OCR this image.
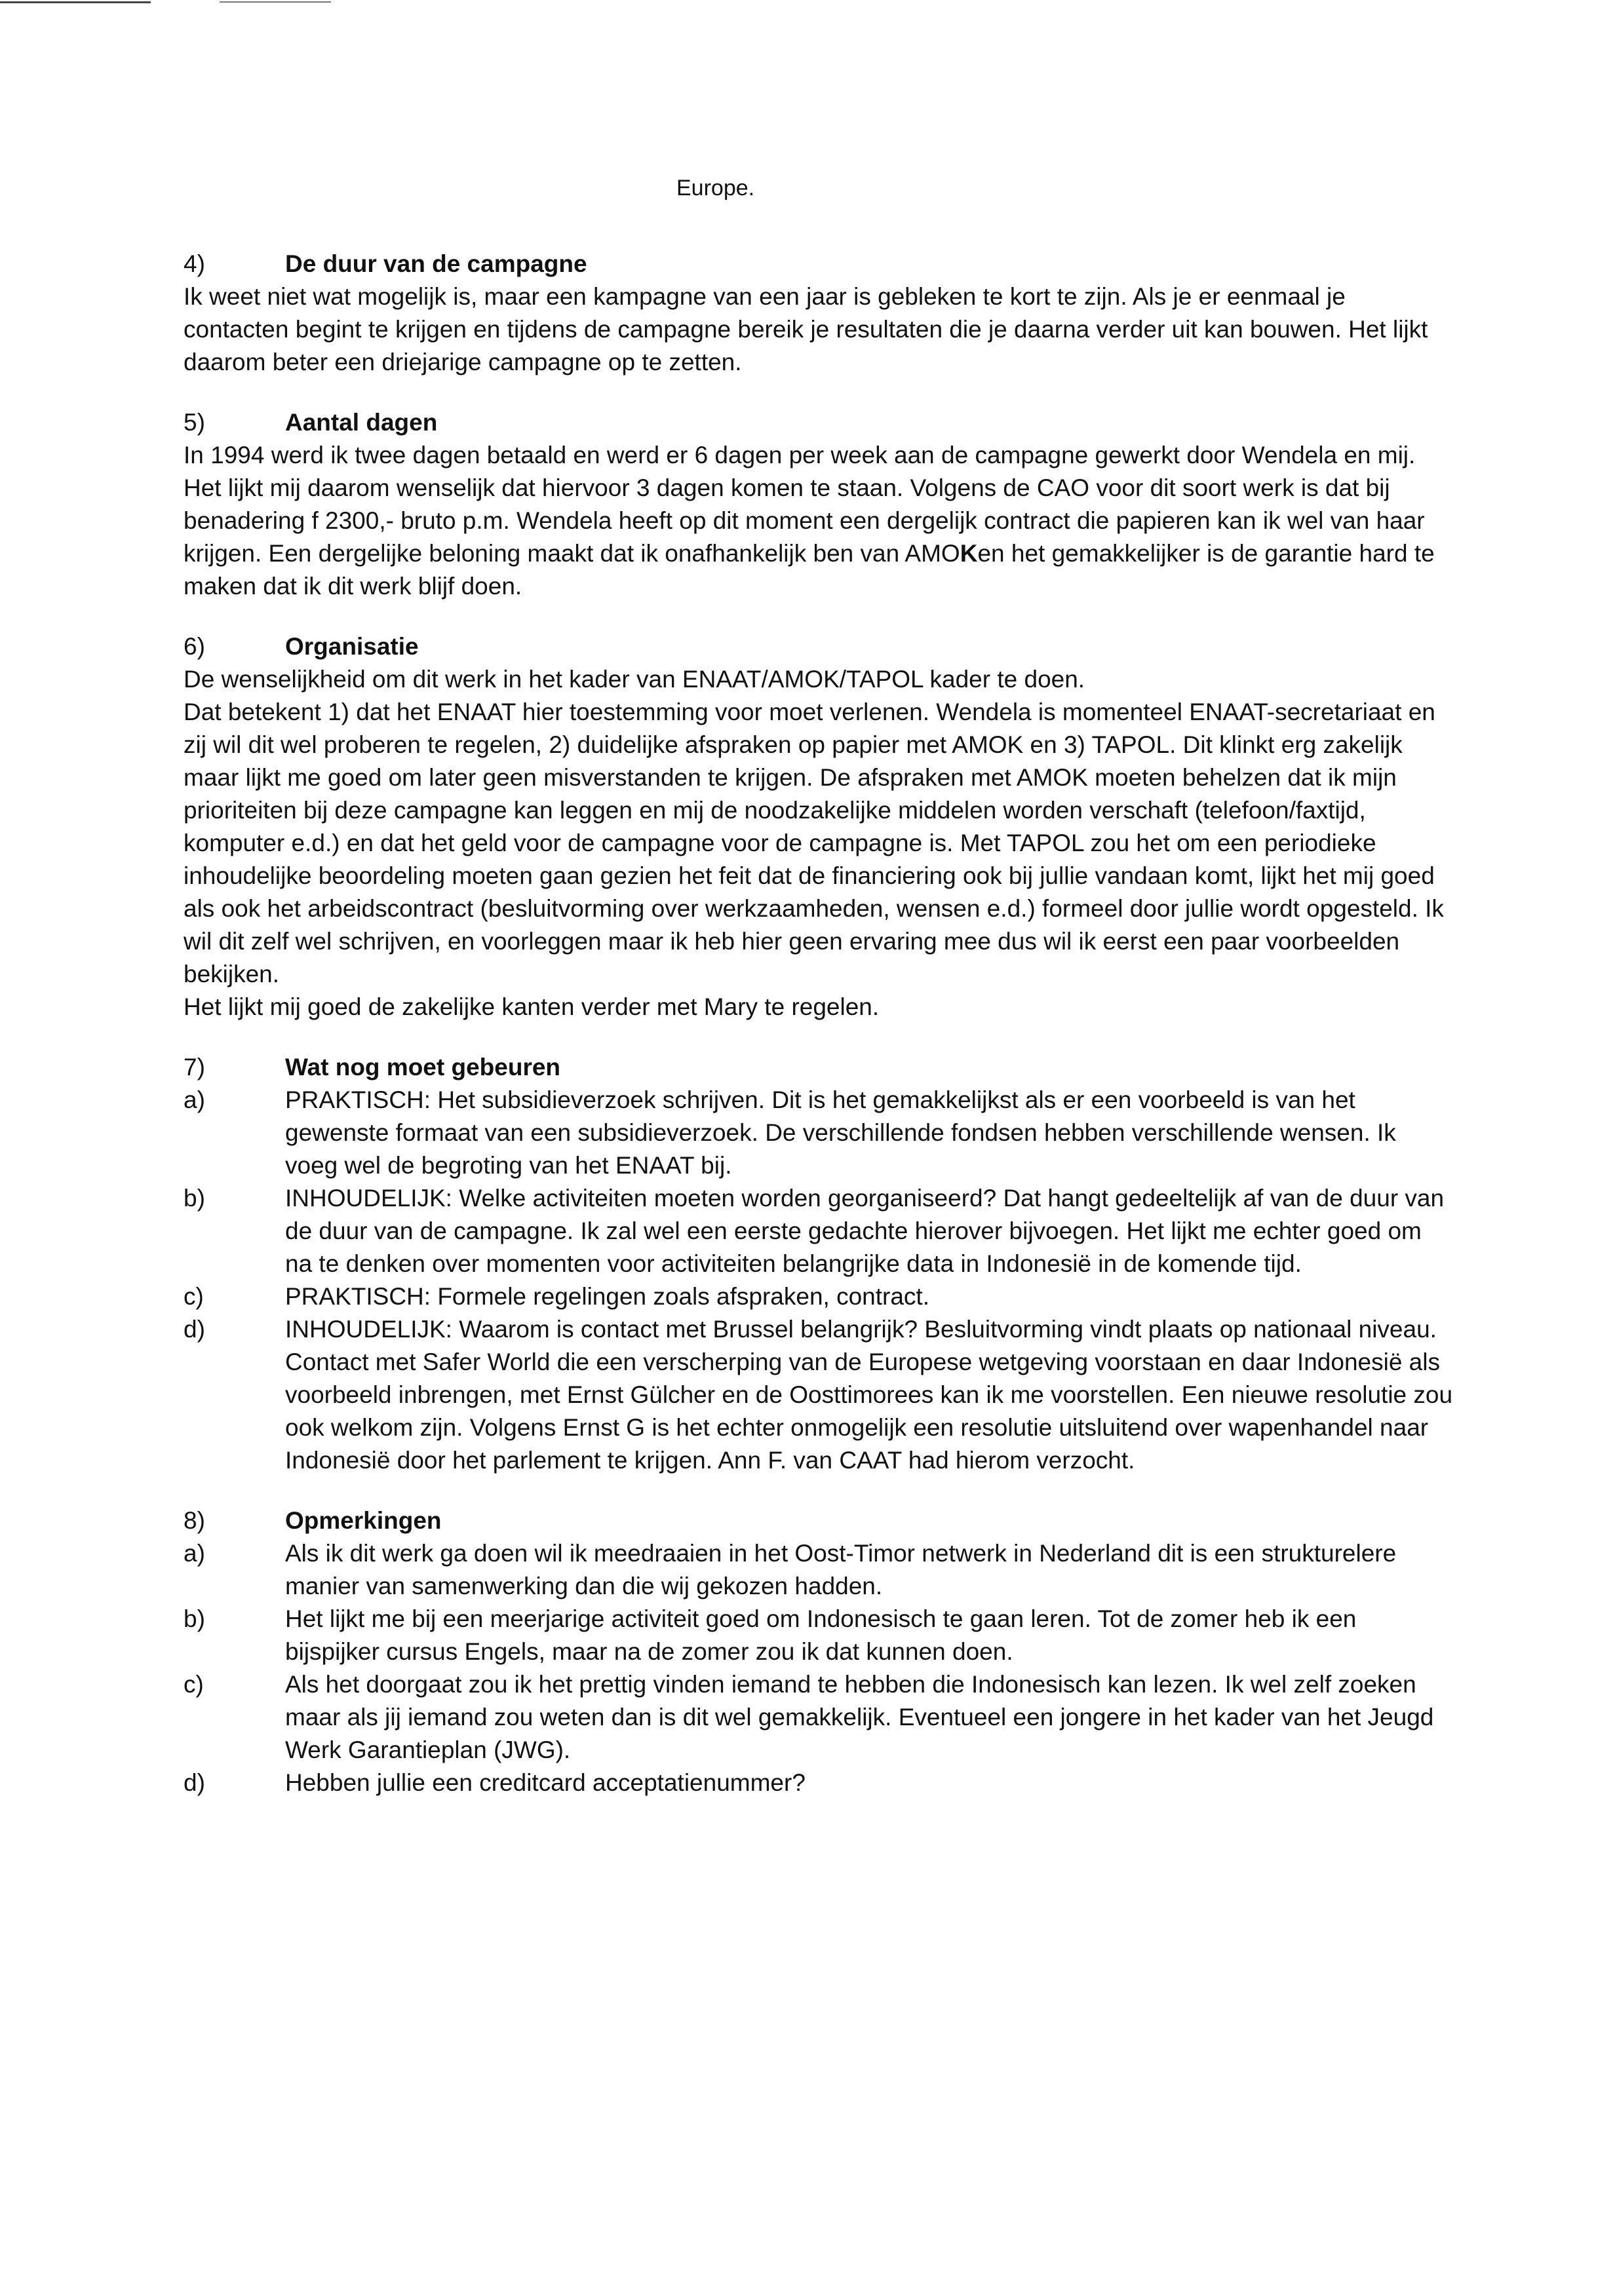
Europe.
4)	De duur van de campagne
Ik weet niet wat mogelijk is, maar een kampagne van een jaar is gebleken te kort te zijn. Als je er eenmaal je contacten begint te krijgen en tijdens de campagne bereik je resultaten die je daarna verder uit kan bouwen. Het lijkt daarom beter een driejarige campagne op te zetten.
5)	Aantal dagen
In 1994 werd ik twee dagen betaald en werd er 6 dagen per week aan de campagne gewerkt door Wendela en mij. Het lijkt mij daarom wenselijk dat hiervoor 3 dagen komen te staan. Volgens de CAO voor dit soort werk is dat bij benadering f 2300,- bruto p.m. Wendela heeft op dit moment een dergelijk contract die papieren kan ik wel van haar krijgen. Een dergelijke beloning maakt dat ik onafhankelijk ben van AMOKen het gemakkelijker is de garantie hard te maken dat ik dit werk blijf doen.
6)	Organisatie
De wenselijkheid om dit werk in het kader van ENAAT/AMOK/TAPOL kader te doen.
Dat betekent 1) dat het ENAAT hier toestemming voor moet verlenen. Wendela is momenteel ENAAT-secretariaat en zij wil dit wel proberen te regelen, 2) duidelijke afspraken op papier met AMOK en 3) TAPOL. Dit klinkt erg zakelijk maar lijkt me goed om later geen misverstanden te krijgen. De afspraken met AMOK moeten behelzen dat ik mijn prioriteiten bij deze campagne kan leggen en mij de noodzakelijke middelen worden verschaft (telefoon/faxtijd, komputer e.d.) en dat het geld voor de campagne voor de campagne is. Met TAPOL zou het om een periodieke inhoudelijke beoordeling moeten gaan gezien het feit dat de financiering ook bij jullie vandaan komt, lijkt het mij goed als ook het arbeidscontract (besluitvorming over werkzaamheden, wensen e.d.) formeel door jullie wordt opgesteld. Ik wil dit zelf wel schrijven, en voorleggen maar ik heb hier geen ervaring mee dus wil ik eerst een paar voorbeelden bekijken.
Het lijkt mij goed de zakelijke kanten verder met Mary te regelen.
7)	Wat nog moet gebeuren
a)	PRAKTISCH: Het subsidieverzoek schrijven. Dit is het gemakkelijkst als er een voorbeeld is van het gewenste formaat van een subsidieverzoek. De verschillende fondsen hebben verschillende wensen. Ik voeg wel de begroting van het ENAAT bij.
b)	INHOUDELIJK: Welke activiteiten moeten worden georganiseerd? Dat hangt gedeeltelijk af van de duur van de duur van de campagne. Ik zal wel een eerste gedachte hierover bijvoegen. Het lijkt me echter goed om na te denken over momenten voor activiteiten belangrijke data in Indonesië in de komende tijd.
c)	PRAKTISCH: Formele regelingen zoals afspraken, contract.
d)	INHOUDELIJK: Waarom is contact met Brussel belangrijk? Besluitvorming vindt plaats op nationaal niveau. Contact met Safer World die een verscherping van de Europese wetgeving voorstaan en daar Indonesië als voorbeeld inbrengen, met Ernst Gülcher en de Oosttimorees kan ik me voorstellen. Een nieuwe resolutie zou ook welkom zijn. Volgens Ernst G is het echter onmogelijk een resolutie uitsluitend over wapenhandel naar Indonesië door het parlement te krijgen. Ann F. van CAAT had hierom verzocht.
8)	Opmerkingen
a)	Als ik dit werk ga doen wil ik meedraaien in het Oost-Timor netwerk in Nederland dit is een strukturelere manier van samenwerking dan die wij gekozen hadden.
b)	Het lijkt me bij een meerjarige activiteit goed om Indonesisch te gaan leren. Tot de zomer heb ik een bijspijker cursus Engels, maar na de zomer zou ik dat kunnen doen.
c)	Als het doorgaat zou ik het prettig vinden iemand te hebben die Indonesisch kan lezen. Ik wel zelf zoeken maar als jij iemand zou weten dan is dit wel gemakkelijk. Eventueel een jongere in het kader van het Jeugd Werk Garantieplan (JWG).
d)	Hebben jullie een creditcard acceptatienummer?
